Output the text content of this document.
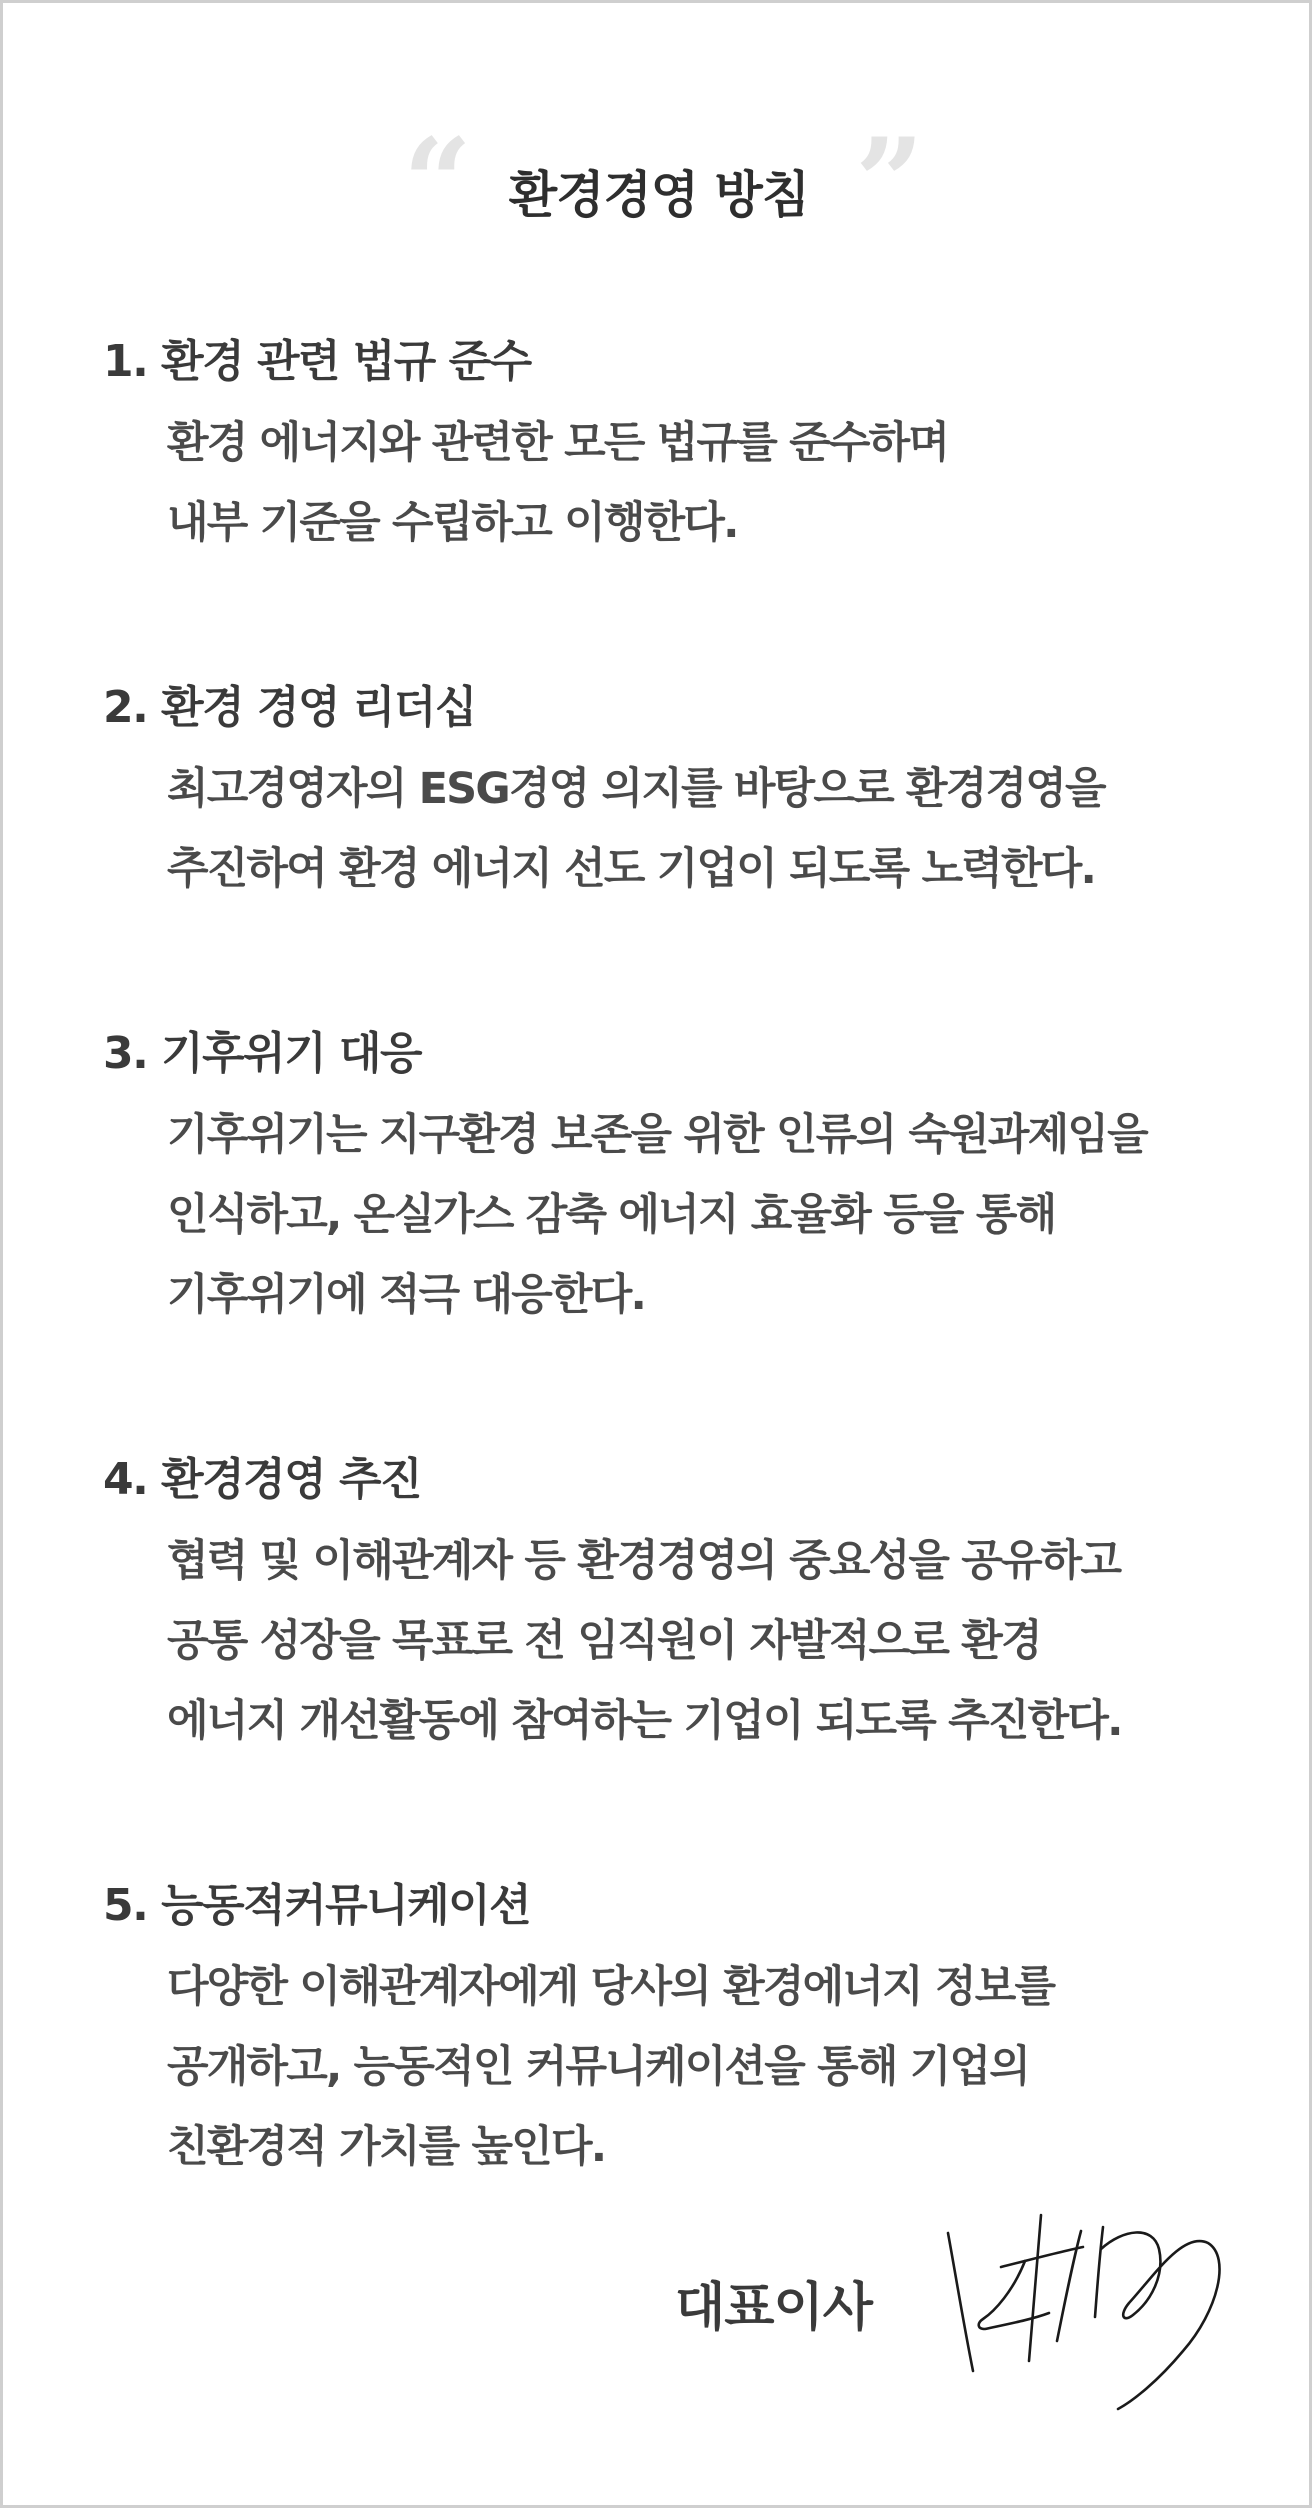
“ 환경경영 방침 ”
1. 환경 관련 법규 준수
환경 에너지와 관련한 모든 법규를 준수하며
내부 기준을 수립하고 이행한다.
2. 환경 경영 리더십
최고경영자의 ESG경영 의지를 바탕으로 환경경영을
추진하여 환경 에너지 선도 기업이 되도록 노력한다.
3. 기후위기 대응
기후위기는 지구환경 보존을 위한 인류의 숙원과제임을
인식하고, 온실가스 감축 에너지 효율화 등을 통해
기후위기에 적극 대응한다.
4. 환경경영 추진
협력 및 이해관계자 등 환경경영의 중요성을 공유하고
공통 성장을 목표로 전 임직원이 자발적으로 환경
에너지 개선활동에 참여하는 기업이 되도록 추진한다.
5. 능동적커뮤니케이션
다양한 이해관계자에게 당사의 환경에너지 정보를
공개하고, 능동적인 커뮤니케이션을 통해 기업의
친환경적 가치를 높인다.
대표이사
